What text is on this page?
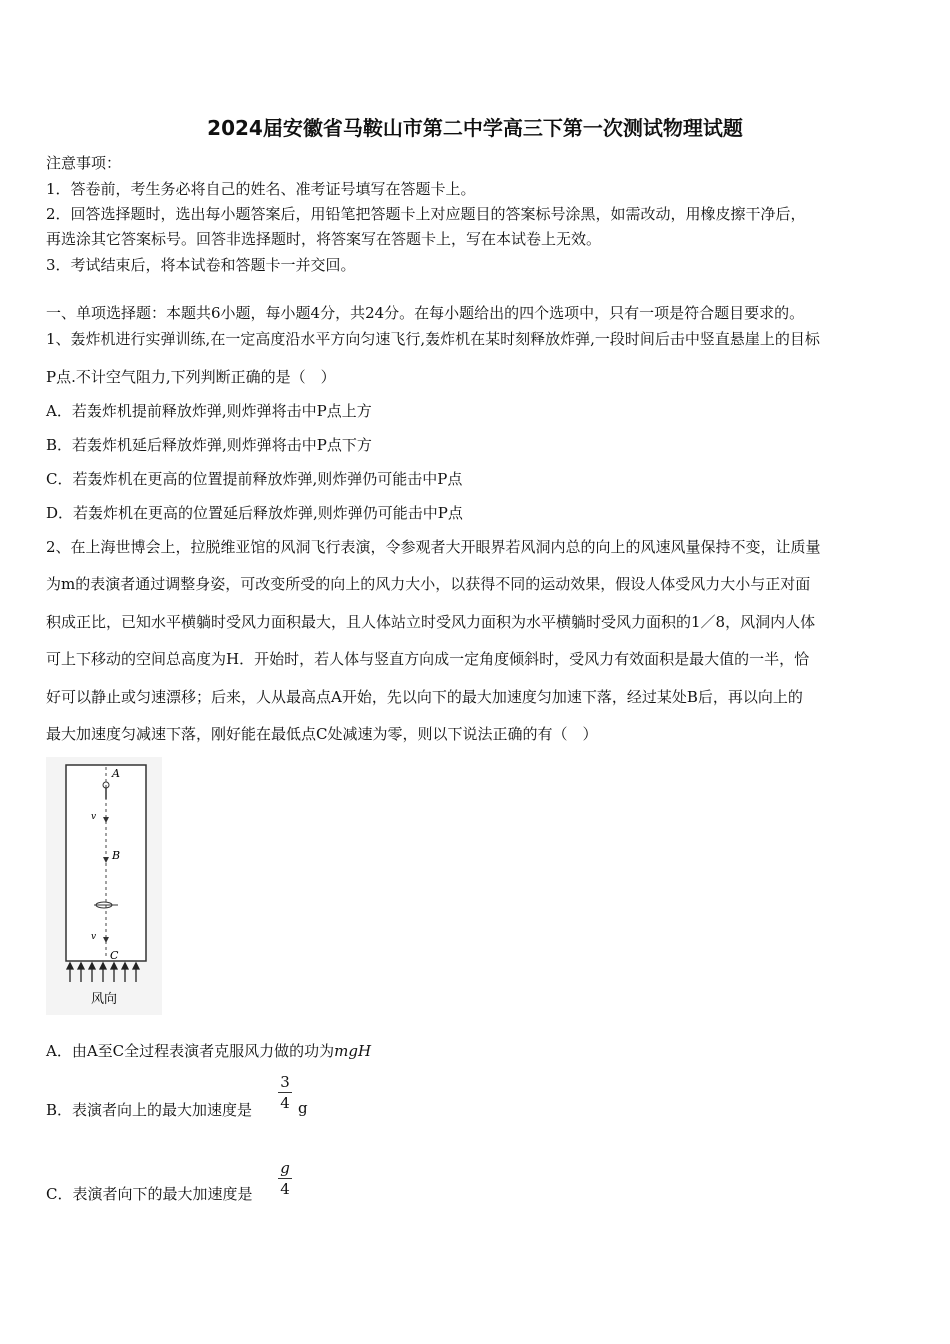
2024届安徽省马鞍山市第二中学高三下第一次测试物理试题
注意事项：
1．答卷前，考生务必将自己的姓名、准考证号填写在答题卡上。
2．回答选择题时，选出每小题答案后，用铅笔把答题卡上对应题目的答案标号涂黑，如需改动，用橡皮擦干净后，
再选涂其它答案标号。回答非选择题时，将答案写在答题卡上，写在本试卷上无效。
3．考试结束后，将本试卷和答题卡一并交回。
一、单项选择题：本题共6小题，每小题4分，共24分。在每小题给出的四个选项中，只有一项是符合题目要求的。
1、轰炸机进行实弹训练,在一定高度沿水平方向匀速飞行,轰炸机在某时刻释放炸弹,一段时间后击中竖直悬崖上的目标
P点.不计空气阻力,下列判断正确的是（　）
A．若轰炸机提前释放炸弹,则炸弹将击中P点上方
B．若轰炸机延后释放炸弹,则炸弹将击中P点下方
C．若轰炸机在更高的位置提前释放炸弹,则炸弹仍可能击中P点
D．若轰炸机在更高的位置延后释放炸弹,则炸弹仍可能击中P点
2、在上海世博会上，拉脱维亚馆的风洞飞行表演，令参观者大开眼界若风洞内总的向上的风速风量保持不变，让质量
为m的表演者通过调整身姿，可改变所受的向上的风力大小，以获得不同的运动效果，假设人体受风力大小与正对面
积成正比，已知水平横躺时受风力面积最大，且人体站立时受风力面积为水平横躺时受风力面积的1／8，风洞内人体
可上下移动的空间总高度为H．开始时，若人体与竖直方向成一定角度倾斜时，受风力有效面积是最大值的一半，恰
好可以静止或匀速漂移；后来，人从最高点A开始，先以向下的最大加速度匀加速下落，经过某处B后，再以向上的
最大加速度匀减速下落，刚好能在最低点C处减速为零，则以下说法正确的有（　）
A
B
C
v
v
风向
A．由A至C全过程表演者克服风力做的功为mgH
B．表演者向上的最大加速度是
3
4 g
C．表演者向下的最大加速度是
g
4
